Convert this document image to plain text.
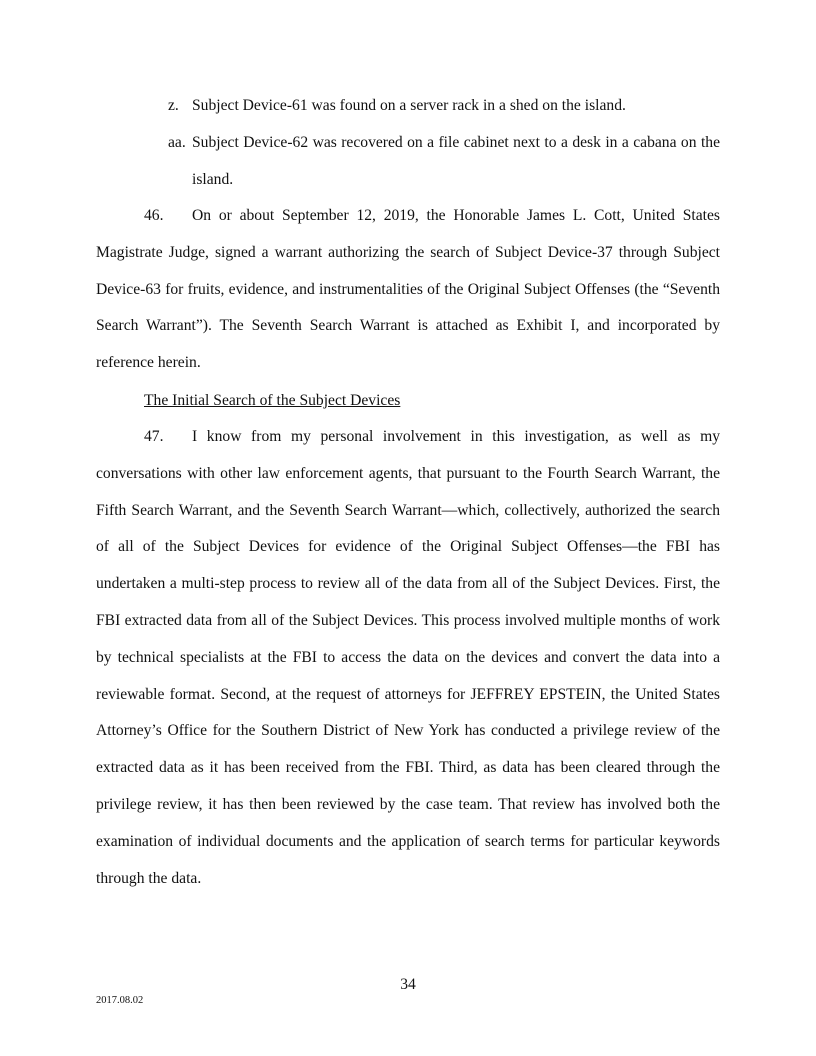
z. Subject Device-61 was found on a server rack in a shed on the island.
aa. Subject Device-62 was recovered on a file cabinet next to a desk in a cabana on the island.
46. On or about September 12, 2019, the Honorable James L. Cott, United States Magistrate Judge, signed a warrant authorizing the search of Subject Device-37 through Subject Device-63 for fruits, evidence, and instrumentalities of the Original Subject Offenses (the “Seventh Search Warrant”). The Seventh Search Warrant is attached as Exhibit I, and incorporated by reference herein.
The Initial Search of the Subject Devices
47. I know from my personal involvement in this investigation, as well as my conversations with other law enforcement agents, that pursuant to the Fourth Search Warrant, the Fifth Search Warrant, and the Seventh Search Warrant—which, collectively, authorized the search of all of the Subject Devices for evidence of the Original Subject Offenses—the FBI has undertaken a multi-step process to review all of the data from all of the Subject Devices. First, the FBI extracted data from all of the Subject Devices. This process involved multiple months of work by technical specialists at the FBI to access the data on the devices and convert the data into a reviewable format. Second, at the request of attorneys for JEFFREY EPSTEIN, the United States Attorney’s Office for the Southern District of New York has conducted a privilege review of the extracted data as it has been received from the FBI. Third, as data has been cleared through the privilege review, it has then been reviewed by the case team. That review has involved both the examination of individual documents and the application of search terms for particular keywords through the data.
34
2017.08.02
